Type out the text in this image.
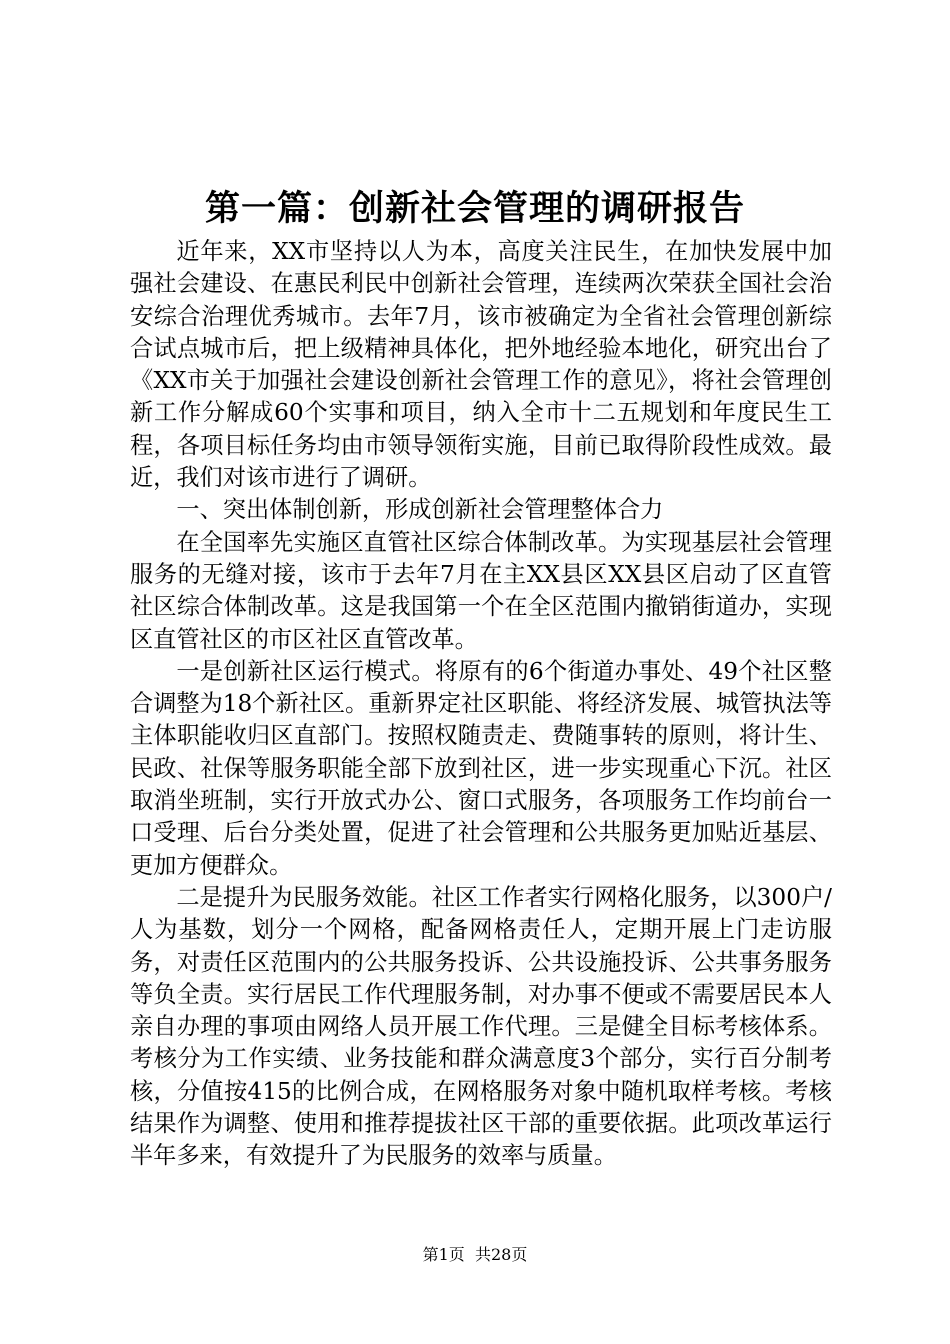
第一篇：创新社会管理的调研报告

近年来，XX市坚持以人为本，高度关注民生，在加快发展中加强社会建设、在惠民利民中创新社会管理，连续两次荣获全国社会治安综合治理优秀城市。去年7月，该市被确定为全省社会管理创新综合试点城市后，把上级精神具体化，把外地经验本地化，研究出台了《XX市关于加强社会建设创新社会管理工作的意见》，将社会管理创新工作分解成60个实事和项目，纳入全市十二五规划和年度民生工程，各项目标任务均由市领导领衔实施，目前已取得阶段性成效。最近，我们对该市进行了调研。

一、突出体制创新，形成创新社会管理整体合力

在全国率先实施区直管社区综合体制改革。为实现基层社会管理服务的无缝对接，该市于去年7月在主XX县区XX县区启动了区直管社区综合体制改革。这是我国第一个在全区范围内撤销街道办，实现区直管社区的市区社区直管改革。

一是创新社区运行模式。将原有的6个街道办事处、49个社区整合调整为18个新社区。重新界定社区职能、将经济发展、城管执法等主体职能收归区直部门。按照权随责走、费随事转的原则，将计生、民政、社保等服务职能全部下放到社区，进一步实现重心下沉。社区取消坐班制，实行开放式办公、窗口式服务，各项服务工作均前台一口受理、后台分类处置，促进了社会管理和公共服务更加贴近基层、更加方便群众。

二是提升为民服务效能。社区工作者实行网格化服务，以300户/人为基数，划分一个网格，配备网格责任人，定期开展上门走访服务，对责任区范围内的公共服务投诉、公共设施投诉、公共事务服务等负全责。实行居民工作代理服务制，对办事不便或不需要居民本人亲自办理的事项由网络人员开展工作代理。三是健全目标考核体系。考核分为工作实绩、业务技能和群众满意度3个部分，实行百分制考核，分值按415的比例合成，在网格服务对象中随机取样考核。考核结果作为调整、使用和推荐提拔社区干部的重要依据。此项改革运行半年多来，有效提升了为民服务的效率与质量。

第1页 共28页
